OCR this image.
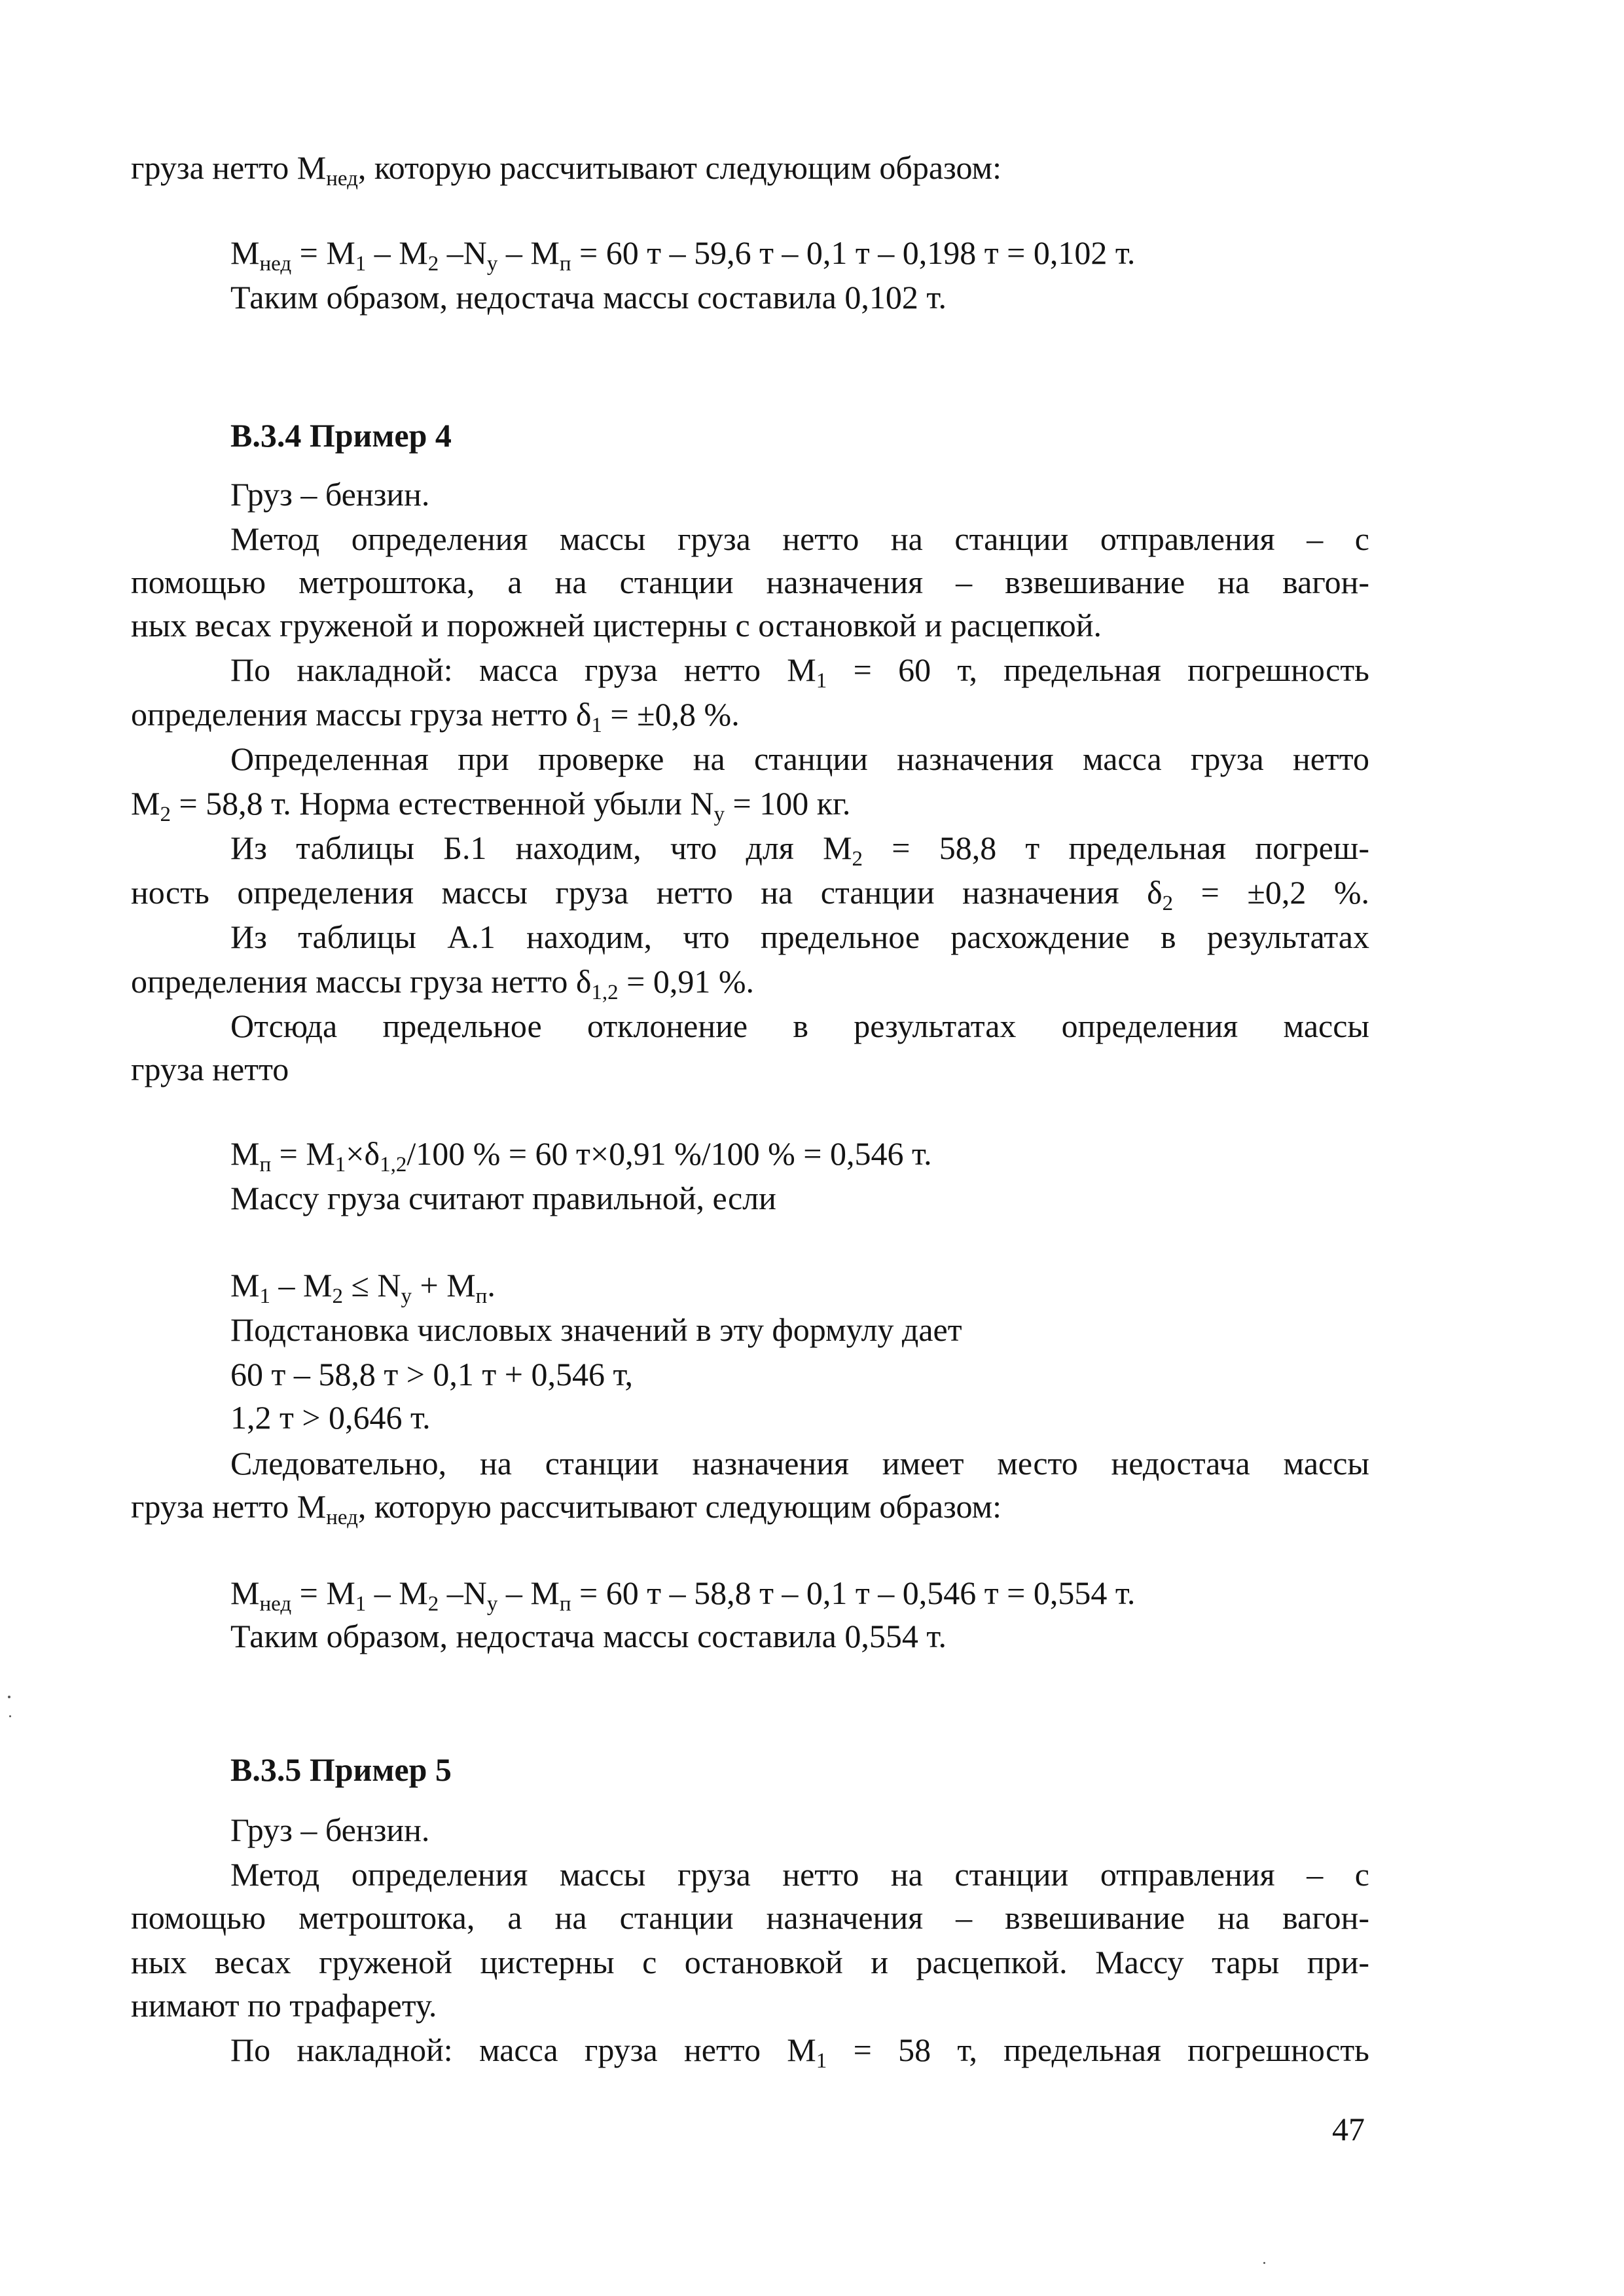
груза нетто $М_{нед}$, которую рассчитывают следующим образом:
$М_{нед} = М_1 - М_2$ $-N_у - М_п = 60$ т – 59,6 т – 0,1 т – 0,198 т = 0,102 т.
Таким образом, недостача массы составила 0,102 т.
В.3.4 Пример 4
Груз – бензин.
Метод определения массы груза нетто на станции отправления – с
помощью метроштока, а на станции назначения – взвешивание на вагон-
ных весах груженой и порожней цистерны с остановкой и расцепкой.
По накладной: масса груза нетто $М_1 = 60$ т, предельная погрешность
определения массы груза нетто $\delta_1 = \pm 0,8$ %.
Определенная при проверке на станции назначения масса груза нетто
$М_2 = 58,8$ т. Норма естественной убыли $N_у = 100$ кг.
Из таблицы Б.1 находим, что для $М_2 = 58,8$ т предельная погреш-
ность определения массы груза нетто на станции назначения $\delta_2 = \pm 0,2$ %.
Из таблицы А.1 находим, что предельное расхождение в результатах
определения массы груза нетто $\delta_{1,2} = 0,91$ %.
Отсюда предельное отклонение в результатах определения массы
груза нетто
$М_п = М_1\times\delta_{1,2}/100$ % = 60 т×0,91 %/100 % = 0,546 т.
Массу груза считают правильной, если
$М_1 - М_2 \le N_у + М_п$.
Подстановка числовых значений в эту формулу дает
60 т – 58,8 т > 0,1 т + 0,546 т,
1,2 т > 0,646 т.
Следовательно, на станции назначения имеет место недостача массы
груза нетто $М_{нед}$, которую рассчитывают следующим образом:
$М_{нед} = М_1 - М_2$ $-N_у - М_п = 60$ т – 58,8 т – 0,1 т – 0,546 т = 0,554 т.
Таким образом, недостача массы составила 0,554 т.
В.3.5 Пример 5
Груз – бензин.
Метод определения массы груза нетто на станции отправления – с
помощью метроштока, а на станции назначения – взвешивание на вагон-
ных весах груженой цистерны с остановкой и расцепкой. Массу тары при-
нимают по трафарету.
По накладной: масса груза нетто $М_1 = 58$ т, предельная погрешность
47
